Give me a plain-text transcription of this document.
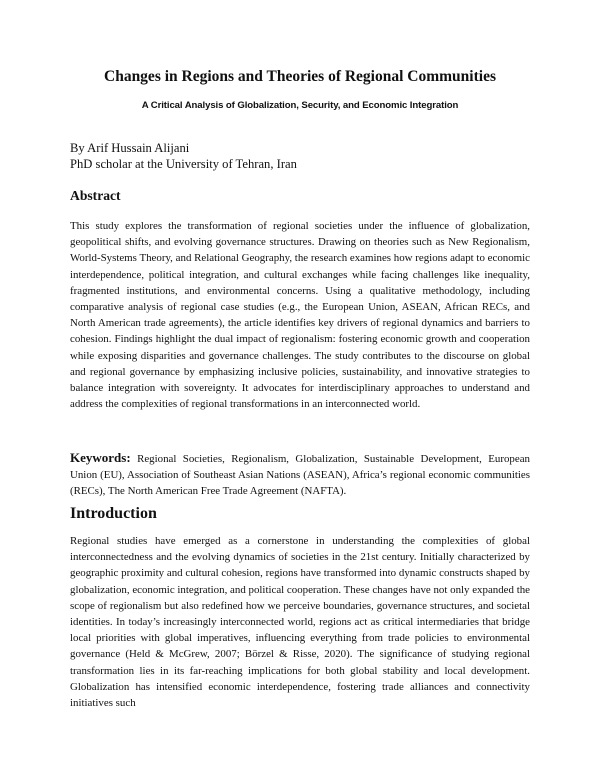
Changes in Regions and Theories of Regional Communities
A Critical Analysis of Globalization, Security, and Economic Integration
By Arif Hussain Alijani
PhD scholar at the University of Tehran, Iran
Abstract
This study explores the transformation of regional societies under the influence of globalization, geopolitical shifts, and evolving governance structures. Drawing on theories such as New Regionalism, World-Systems Theory, and Relational Geography, the research examines how regions adapt to economic interdependence, political integration, and cultural exchanges while facing challenges like inequality, fragmented institutions, and environmental concerns. Using a qualitative methodology, including comparative analysis of regional case studies (e.g., the European Union, ASEAN, African RECs, and North American trade agreements), the article identifies key drivers of regional dynamics and barriers to cohesion. Findings highlight the dual impact of regionalism: fostering economic growth and cooperation while exposing disparities and governance challenges. The study contributes to the discourse on global and regional governance by emphasizing inclusive policies, sustainability, and innovative strategies to balance integration with sovereignty. It advocates for interdisciplinary approaches to understand and address the complexities of regional transformations in an interconnected world.
Keywords: Regional Societies, Regionalism, Globalization, Sustainable Development, European Union (EU), Association of Southeast Asian Nations (ASEAN), Africa’s regional economic communities (RECs), The North American Free Trade Agreement (NAFTA).
Introduction
Regional studies have emerged as a cornerstone in understanding the complexities of global interconnectedness and the evolving dynamics of societies in the 21st century. Initially characterized by geographic proximity and cultural cohesion, regions have transformed into dynamic constructs shaped by globalization, economic integration, and political cooperation. These changes have not only expanded the scope of regionalism but also redefined how we perceive boundaries, governance structures, and societal identities. In today’s increasingly interconnected world, regions act as critical intermediaries that bridge local priorities with global imperatives, influencing everything from trade policies to environmental governance (Held & McGrew, 2007; Börzel & Risse, 2020). The significance of studying regional transformation lies in its far-reaching implications for both global stability and local development. Globalization has intensified economic interdependence, fostering trade alliances and connectivity initiatives such
